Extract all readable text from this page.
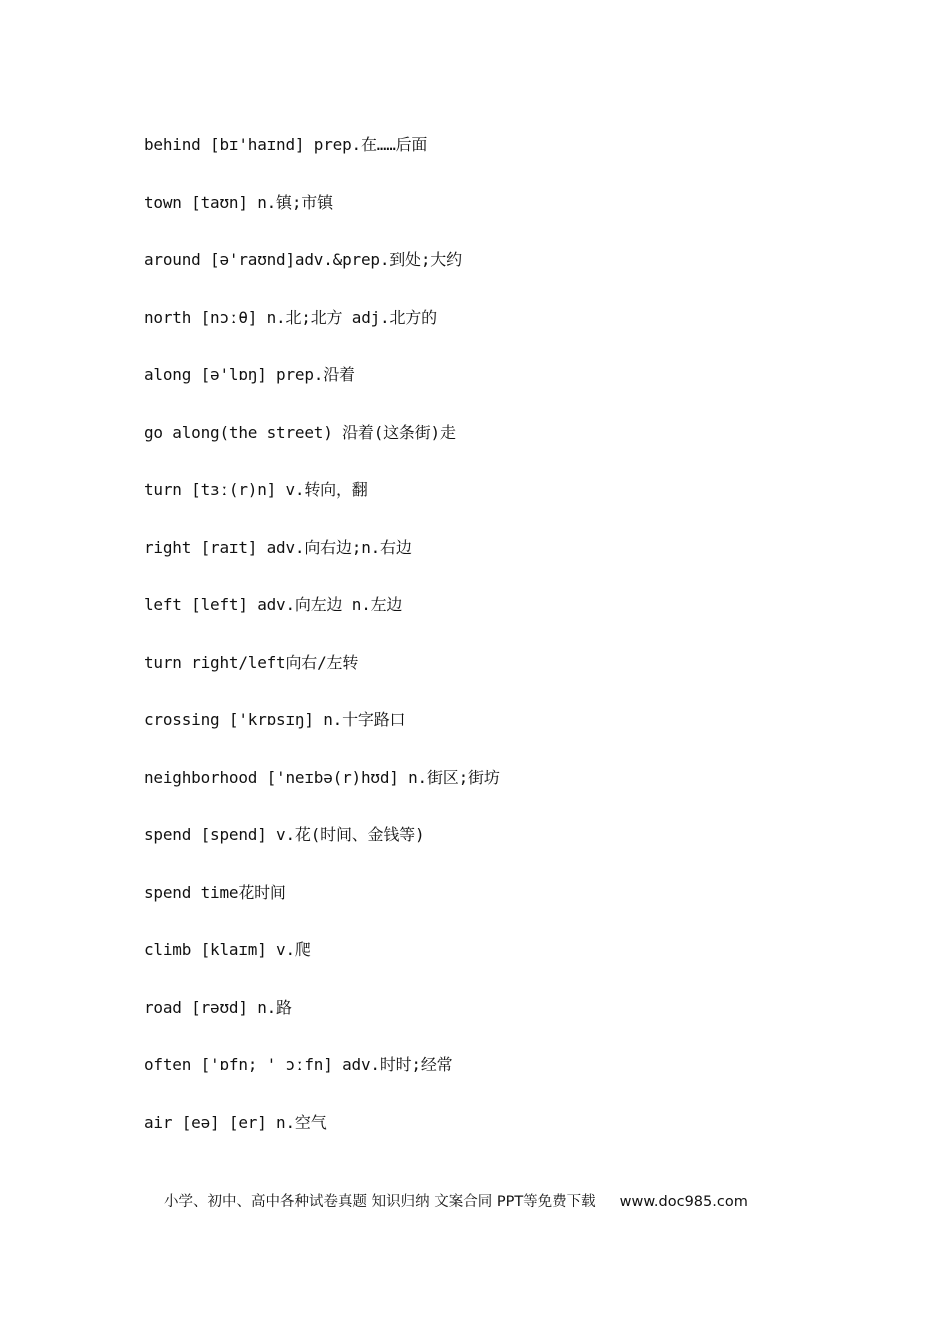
behind [bɪ'haɪnd] prep.在……后面
town [taʊn] n.镇;市镇
around [ə'raʊnd]adv.&prep.到处;大约
north [nɔːθ] n.北;北方 adj.北方的
along [ə'lɒŋ] prep.沿着
go along(the street) 沿着(这条街)走
turn [tɜː(r)n] v.转向，翻
right [raɪt] adv.向右边;n.右边
left [left] adv.向左边 n.左边
turn right/left向右/左转
crossing ['krɒsɪŋ] n.十字路口
neighborhood ['neɪbə(r)hʊd] n.街区;街坊
spend [spend] v.花(时间、金钱等)
spend time花时间
climb [klaɪm] v.爬
road [rəʊd] n.路
often ['ɒfn; ' ɔːfn] adv.时时;经常
air [eə] [er] n.空气
小学、初中、高中各种试卷真题 知识归纳 文案合同 PPT等免费下载 www.doc985.com
